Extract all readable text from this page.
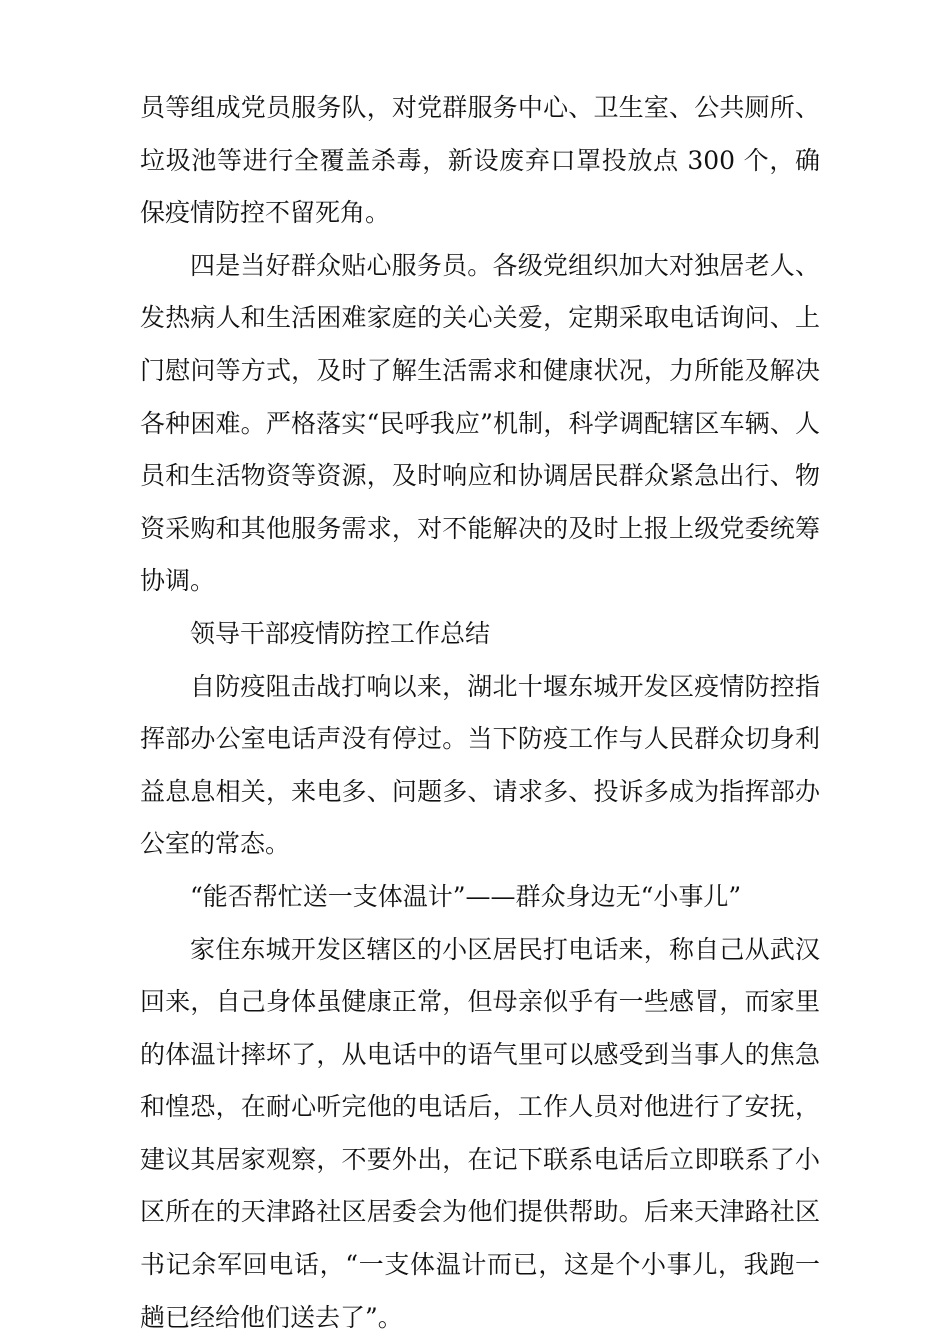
员等组成党员服务队，对党群服务中心、卫生室、公共厕所、垃圾池等进行全覆盖杀毒，新设废弃口罩投放点 300 个，确保疫情防控不留死角。

四是当好群众贴心服务员。各级党组织加大对独居老人、发热病人和生活困难家庭的关心关爱，定期采取电话询问、上门慰问等方式，及时了解生活需求和健康状况，力所能及解决各种困难。严格落实“民呼我应”机制，科学调配辖区车辆、人员和生活物资等资源，及时响应和协调居民群众紧急出行、物资采购和其他服务需求，对不能解决的及时上报上级党委统筹协调。

领导干部疫情防控工作总结

自防疫阻击战打响以来，湖北十堰东城开发区疫情防控指挥部办公室电话声没有停过。当下防疫工作与人民群众切身利益息息相关，来电多、问题多、请求多、投诉多成为指挥部办公室的常态。

“能否帮忙送一支体温计”——群众身边无“小事儿”

家住东城开发区辖区的小区居民打电话来，称自己从武汉回来，自己身体虽健康正常，但母亲似乎有一些感冒，而家里的体温计摔坏了，从电话中的语气里可以感受到当事人的焦急和惶恐，在耐心听完他的电话后，工作人员对他进行了安抚，建议其居家观察，不要外出，在记下联系电话后立即联系了小区所在的天津路社区居委会为他们提供帮助。后来天津路社区书记余军回电话，“一支体温计而已，这是个小事儿，我跑一趟已经给他们送去了”。
